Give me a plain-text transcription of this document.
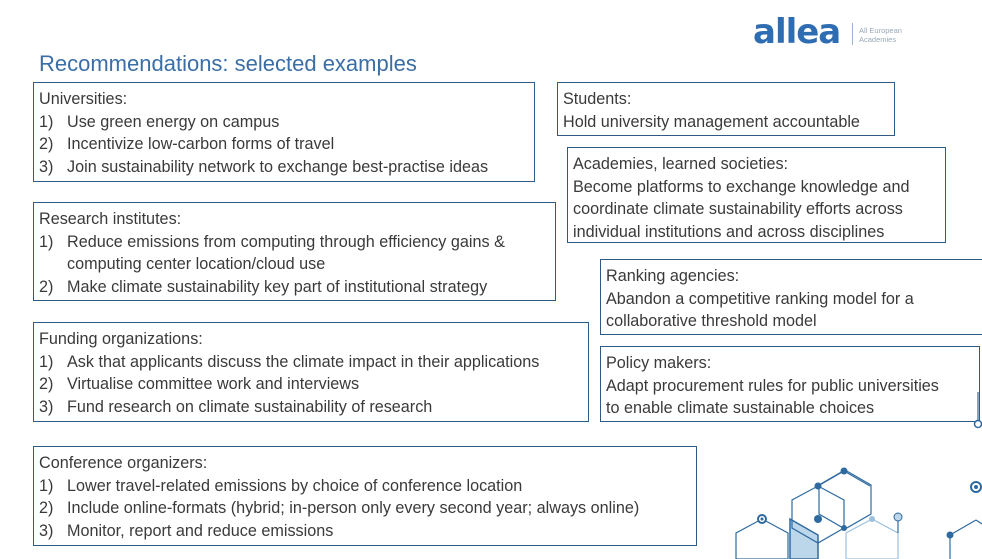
Recommendations: selected examples
allea All European
Academies
Universities:
1) Use green energy on campus
2) Incentivize low-carbon forms of travel
3) Join sustainability network to exchange best-practise ideas
Research institutes:
1) Reduce emissions from computing through efficiency gains &
computing center location/cloud use
2) Make climate sustainability key part of institutional strategy
Funding organizations:
1) Ask that applicants discuss the climate impact in their applications
2) Virtualise committee work and interviews
3) Fund research on climate sustainability of research
Conference organizers:
1) Lower travel-related emissions by choice of conference location
2) Include online-formats (hybrid; in-person only every second year; always online)
3) Monitor, report and reduce emissions
Students:
Hold university management accountable
Academies, learned societies:
Become platforms to exchange knowledge and
coordinate climate sustainability efforts across
individual institutions and across disciplines
Ranking agencies:
Abandon a competitive ranking model for a
collaborative threshold model
Policy makers:
Adapt procurement rules for public universities
to enable climate sustainable choices
